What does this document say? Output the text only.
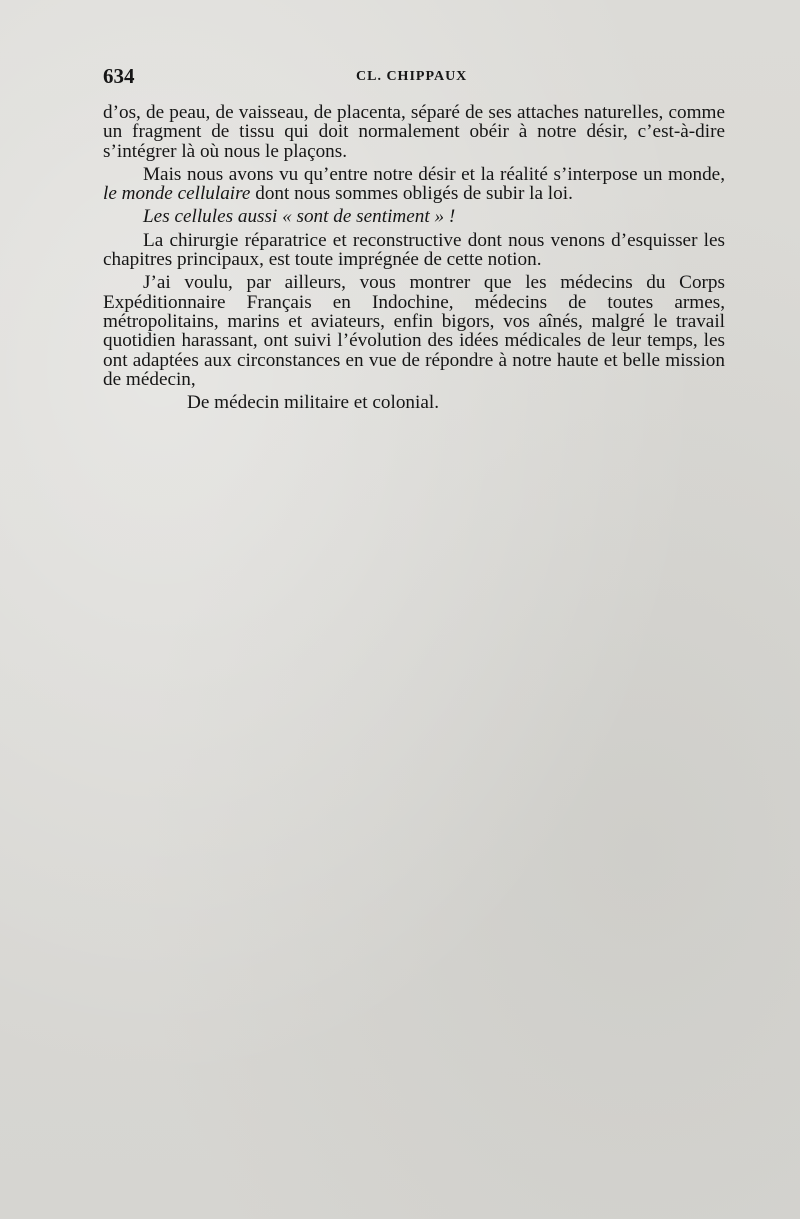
634	CL. CHIPPAUX

d’os, de peau, de vaisseau, de placenta, séparé de ses attaches naturelles, comme un fragment de tissu qui doit normalement obéir à notre désir, c’est-à-dire s’intégrer là où nous le plaçons.

Mais nous avons vu qu’entre notre désir et la réalité s’interpose un monde, le monde cellulaire dont nous sommes obligés de subir la loi.

Les cellules aussi « sont de sentiment » !

La chirurgie réparatrice et reconstructive dont nous venons d’esquisser les chapitres principaux, est toute imprégnée de cette notion.

J’ai voulu, par ailleurs, vous montrer que les médecins du Corps Expéditionnaire Français en Indochine, médecins de toutes armes, métropolitains, marins et aviateurs, enfin bigors, vos aînés, malgré le travail quotidien harassant, ont suivi l’évolution des idées médicales de leur temps, les ont adaptées aux circonstances en vue de répondre à notre haute et belle mission de médecin,

De médecin militaire et colonial.
